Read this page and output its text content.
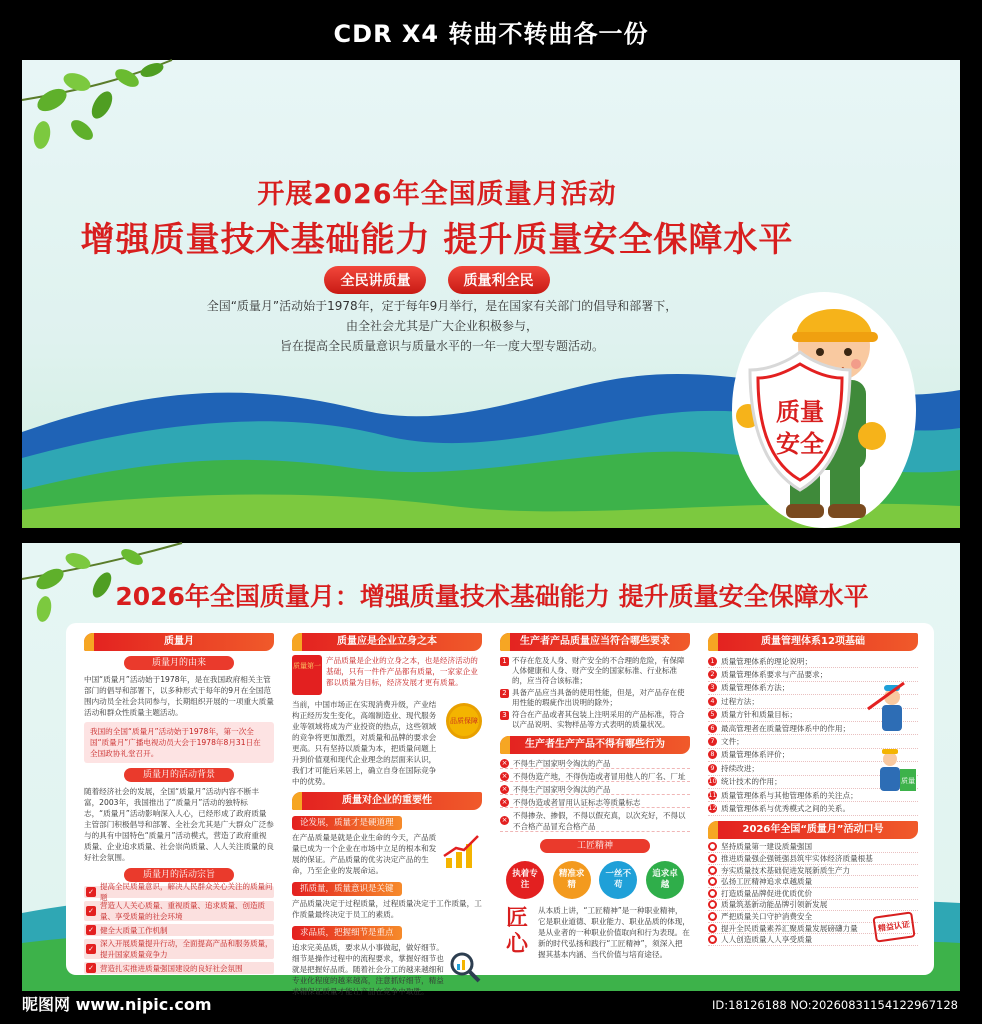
CDR X4 转曲不转曲各一份
开展2026年全国质量月活动
增强质量技术基础能力 提升质量安全保障水平
全民讲质量	质量利全民
全国“质量月”活动始于1978年，定于每年9月举行，是在国家有关部门的倡导和部署下，
由全社会尤其是广大企业积极参与，
旨在提高全民质量意识与质量水平的一年一度大型专题活动。
质量
安全
2026年全国质量月：增强质量技术基础能力 提升质量安全保障水平
质量月
质量月的由来
中国“质量月”活动始于1978年，是在我国政府相关主管部门的倡导和部署下，以多种形式于每年的9月在全国范围内动员全社会共同参与，长期组织开展的一项重大质量活动和群众性质量主题活动。
我国的全国“质量月”活动始于1978年，第一次全国“质量月”广播电视动员大会于1978年8月31日在全国政协礼堂召开。
质量月的活动背景
随着经济社会的发展，全国“质量月”活动内容不断丰富，2003年，我国推出了“质量月”活动的独特标志，“质量月”活动影响深入人心，已经形成了政府质量主管部门积极倡导和部署、全社会尤其是广大群众广泛参与的具有中国特色“质量月”活动模式，营造了政府重视质量、企业追求质量、社会崇尚质量、人人关注质量的良好社会氛围。
质量月的活动宗旨
✓
提高全民质量意识，解决人民群众关心关注的质量问题
✓
营造人人关心质量、重视质量、追求质量、创造质量、享受质量的社会环境
✓ 健全大质量工作机制
✓
深入开展质量提升行动，全面提高产品和服务质量，提升国家质量竞争力
✓ 营造扎实推进质量强国建设的良好社会氛围
质量应是企业立身之本
质量第一
产品质量是企业的立身之本，也是经济活动的基础，只有一件件产品都有质量，一家家企业都以质量为目标，经济发展才更有质量。
当前，中国市场正在实现消费升级，产业结构正经历发生变化，高端制造业、现代服务业等领域将成为产业投资的热点，这些领域的竞争将更加激烈，对质量和品牌的要求会更高。只有坚持以质量为本，把质量问题上升到价值观和现代企业理念的层面来认识，我们才可能后来居上，确立自身在国际竞争中的优势。
品质保障
质量对企业的重要性
论发展，质量才是硬道理
在产品质量是就是企业生命的今天，产品质量已成为一个企业在市场中立足的根本和发展的保证。产品质量的优劣决定产品的生命，乃至企业的发展命运。
抓质量，质量意识是关键
产品质量决定于过程质量，过程质量决定于工作质量，工作质量最终决定于员工的素质。
求品质，把握细节是重点
追求完美品质，要求从小事做起，做好细节。细节是操作过程中的流程要求，掌握好细节也就是把握好品质。随着社会分工的越来越细和专业化程度的越来越高，注意抓好细节，精益求精保证质量才能让产品在竞争中取胜。
生产者产品质量应当符合哪些要求
1 不存在危及人身、财产安全的不合理的危险，有保障人体健康和人身、财产安全的国家标准、行业标准的，应当符合该标准；
2 具备产品应当具备的使用性能，但是，对产品存在使用性能的瑕疵作出说明的除外；
3 符合在产品或者其包装上注明采用的产品标准，符合以产品说明、实物样品等方式表明的质量状况。
生产者生产产品不得有哪些行为
× 不得生产国家明令淘汰的产品
× 不得伪造产地，不得伪造或者冒用他人的厂名、厂址
× 不得生产国家明令淘汰的产品
× 不得伪造或者冒用认证标志等质量标志
×
不得掺杂、掺假，不得以假充真，以次充好，不得以不合格产品冒充合格产品
工匠精神
执着专注
精准求精
一丝不苟
追求卓越
匠心
从本质上讲，“工匠精神”是一种职业精神，它是职业道德、职业能力、职业品质的体现，是从业者的一种职业价值取向和行为表现。在新的时代弘扬和践行“工匠精神”，须深入把握其基本内涵、当代价值与培育途径。
质量管理体系12项基础
1 质量管理体系的理论说明；
2 质量管理体系要求与产品要求；
3 质量管理体系方法；
4 过程方法；
5 质量方针和质量目标；
6 最高管理者在质量管理体系中的作用；
7 文件；
8 质量管理体系评价；
9 持续改进；
10 统计技术的作用；
11 质量管理体系与其他管理体系的关注点；
12 质量管理体系与优秀模式之间的关系。
质量
2026年全国“质量月”活动口号
● 坚持质量第一建设质量强国
● 推进质量强企强链强县筑牢实体经济质量根基
● 夯实质量技术基础促进发展新质生产力
● 弘扬工匠精神追求卓越质量
● 打造质量品牌促进优质优价
● 质量筑基新动能品牌引领新发展
● 严把质量关口守护消费安全
● 提升全民质量素养汇聚质量发展磅礴力量
● 人人创造质量人人享受质量
精益认证
昵图网 www.nipic.com	ID:18126188 NO:20260831154122967128
